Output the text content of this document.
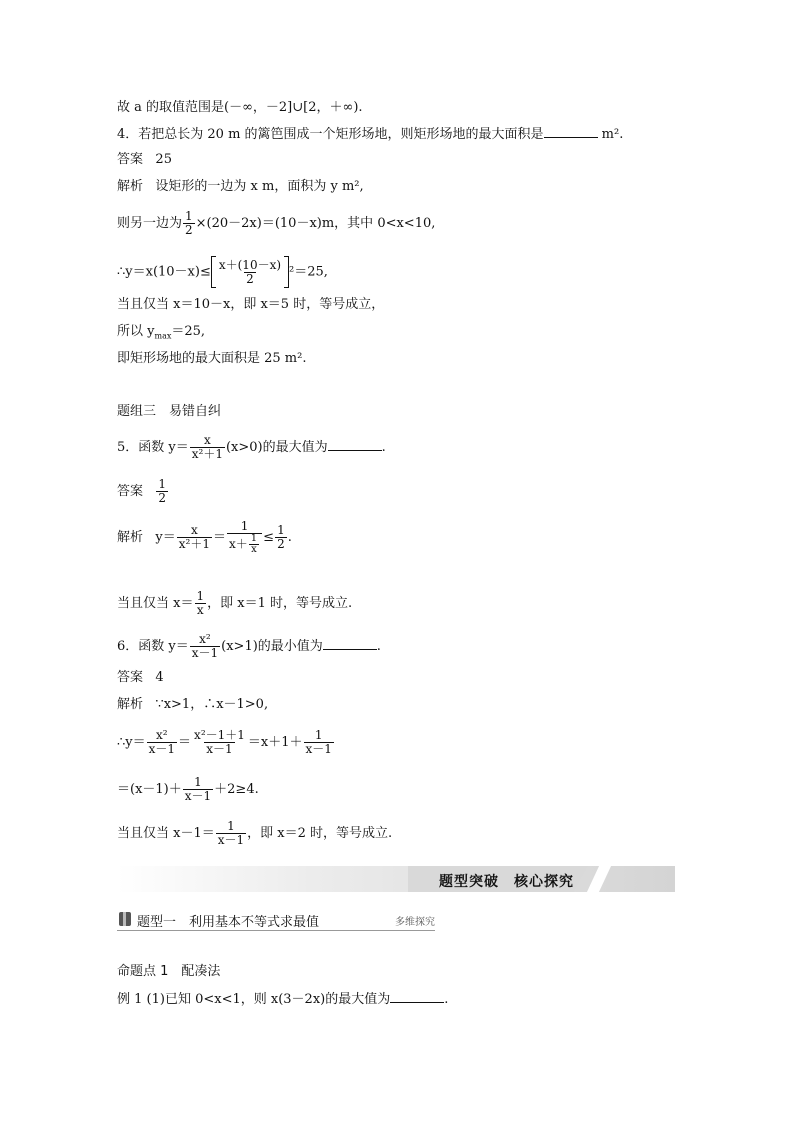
故 a 的取值范围是(－∞，－2]∪[2，＋∞).
4．若把总长为 20 m 的篱笆围成一个矩形场地，则矩形场地的最大面积是	m².
答案 25
解析 设矩形的一边为 x m，面积为 y m²,
则另一边为 $\frac{1}{2} \times(20-2x)=(10-x)m$，其中 0<x<10,
∴y＝x(10－x)≤ $\frac{x+(10-x)}{2} ^2=25$,
当且仅当 x＝10－x，即 x＝5 时，等号成立，
所以 $y_{max}=25$,
即矩形场地的最大面积是 25 m².
题组三　易错自纠
5．函数 $y= \frac{x}{\text{x²＋1}} (x>0)$的最大值为	.
答案 $\frac{1}{2}$
解析 $y= \frac{x}{\text{x²＋1}} = \frac{1}{x+ \frac{1}{x}} \le \frac{1}{2}$ .
当且仅当 $x= \frac{1}{x}$ ，即 x＝1 时，等号成立.
6．函数 $y= \frac{\text{x²}}{x-1} (x>1)$的最小值为	.
答案 4
解析 ∵x>1，∴x－1>0,
∴y＝ $\frac{\text{x²}}{x-1} = \frac{\text{x²－1＋1}}{x-1} =x+1+ \frac{1}{x-1}$
$=(x-1)+ \frac{1}{x-1} +2\ge 4$.
当且仅当 $x-1= \frac{1}{x-1}$ ，即 x＝2 时，等号成立.
题型突破　核心探究
题型一　利用基本不等式求最值	多维探究
命题点 1　配凑法
例 1 (1)已知 0<x<1，则 x(3－2x)的最大值为	.
